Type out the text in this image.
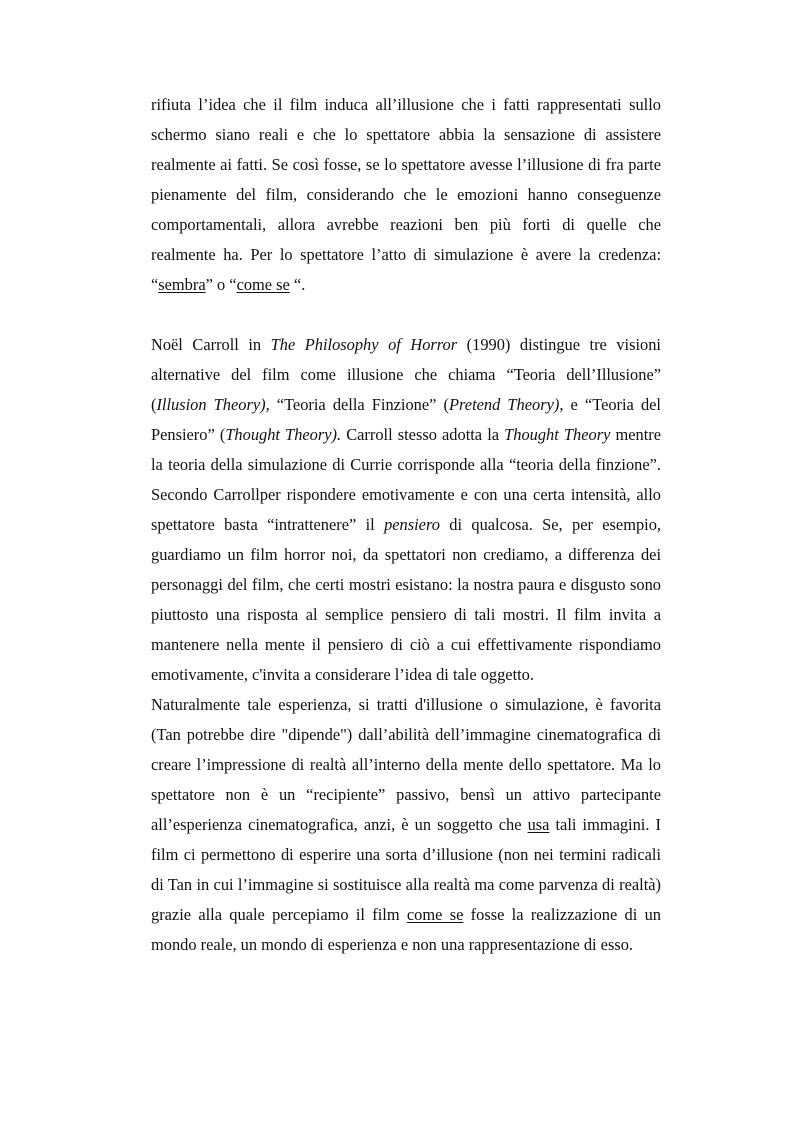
rifiuta l’idea che il film induca all’illusione che i fatti rappresentati sullo schermo siano reali e che lo spettatore abbia la sensazione di assistere realmente ai fatti. Se così fosse, se lo spettatore avesse l’illusione di fra parte pienamente del film, considerando che le emozioni hanno conseguenze comportamentali, allora avrebbe reazioni ben più forti di quelle che realmente ha. Per lo spettatore l’atto di simulazione è avere la credenza: “sembra” o “come se “.

Noël Carroll in The Philosophy of Horror (1990) distingue tre visioni alternative del film come illusione che chiama “Teoria dell’Illusione” (Illusion Theory), “Teoria della Finzione” (Pretend Theory), e “Teoria del Pensiero” (Thought Theory). Carroll stesso adotta la Thought Theory mentre la teoria della simulazione di Currie corrisponde alla “teoria della finzione”. Secondo Carrollper rispondere emotivamente e con una certa intensità, allo spettatore basta “intrattenere” il pensiero di qualcosa. Se, per esempio, guardiamo un film horror noi, da spettatori non crediamo, a differenza dei personaggi del film, che certi mostri esistano: la nostra paura e disgusto sono piuttosto una risposta al semplice pensiero di tali mostri. Il film invita a mantenere nella mente il pensiero di ciò a cui effettivamente rispondiamo emotivamente, c'invita a considerare l’idea di tale oggetto.

Naturalmente tale esperienza, si tratti d'illusione o simulazione, è favorita (Tan potrebbe dire "dipende") dall’abilità dell’immagine cinematografica di creare l’impressione di realtà all’interno della mente dello spettatore. Ma lo spettatore non è un “recipiente” passivo, bensì un attivo partecipante all’esperienza cinematografica, anzi, è un soggetto che usa tali immagini. I film ci permettono di esperire una sorta d’illusione (non nei termini radicali di Tan in cui l’immagine si sostituisce alla realtà ma come parvenza di realtà) grazie alla quale percepiamo il film come se fosse la realizzazione di un mondo reale, un mondo di esperienza e non una rappresentazione di esso.
